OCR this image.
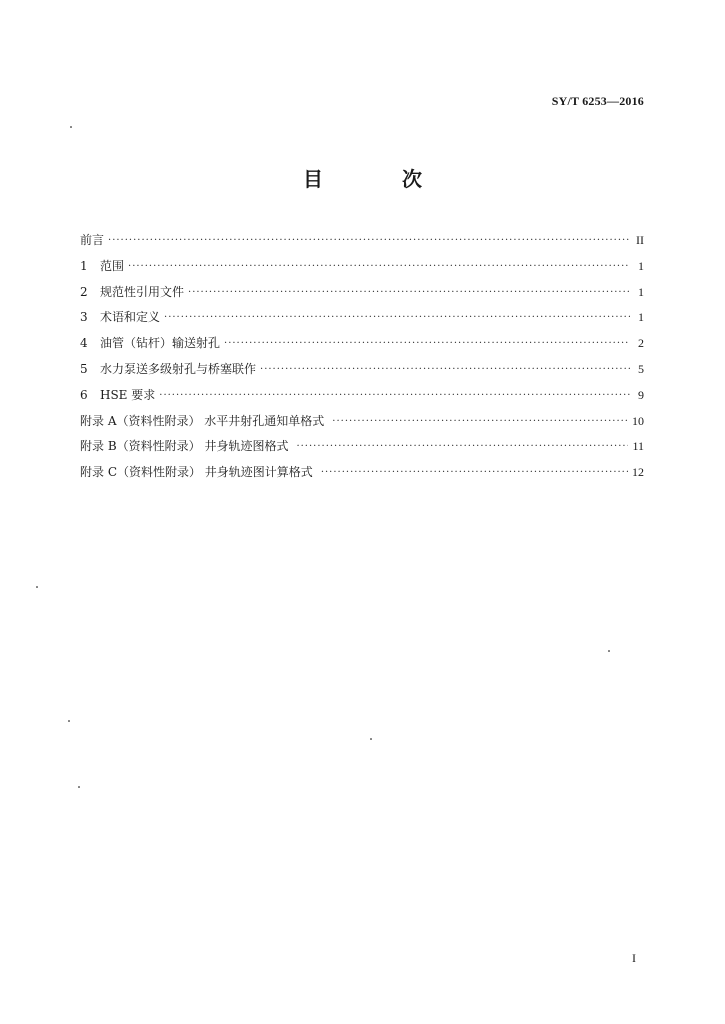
SY/T 6253—2016
目 次
前言 ·····	II
1	范围 ·····	1
2	规范性引用文件 ·····	1
3	术语和定义 ·····	1
4	油管（钻杆）输送射孔 ·····	2
5	水力泵送多级射孔与桥塞联作 ·····	5
6	HSE 要求 ·····	9
附录 A（资料性附录） 水平井射孔通知单格式 ·····	10
附录 B（资料性附录） 井身轨迹图格式 ·····	11
附录 C（资料性附录） 井身轨迹图计算格式 ·····	12
I
